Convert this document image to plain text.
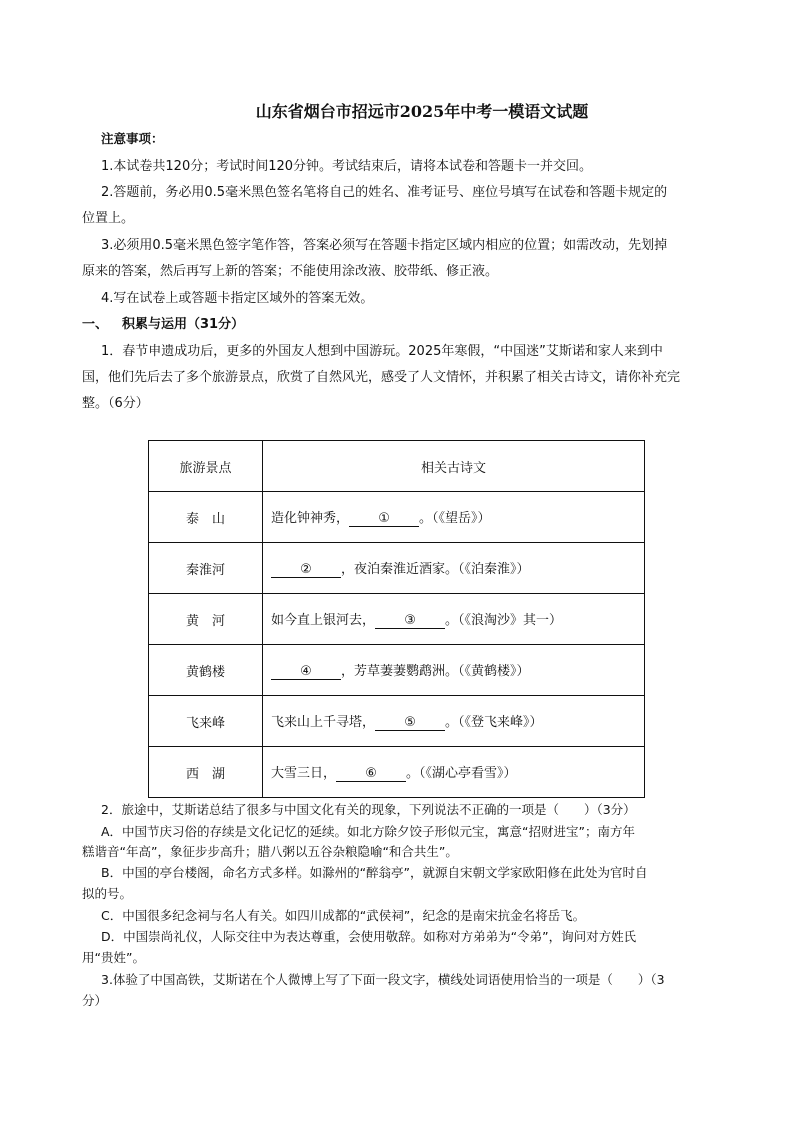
山东省烟台市招远市2025年中考一模语文试题
注意事项：
1.本试卷共120分；考试时间120分钟。考试结束后，请将本试卷和答题卡一并交回。
2.答题前，务必用0.5毫米黑色签名笔将自己的姓名、准考证号、座位号填写在试卷和答题卡规定的
位置上。
3.必须用0.5毫米黑色签字笔作答，答案必须写在答题卡指定区域内相应的位置；如需改动，先划掉
原来的答案，然后再写上新的答案；不能使用涂改液、胶带纸、修正液。
4.写在试卷上或答题卡指定区域外的答案无效。
一、 积累与运用（31分）
1．春节申遗成功后，更多的外国友人想到中国游玩。2025年寒假，“中国迷”艾斯诺和家人来到中
国，他们先后去了多个旅游景点，欣赏了自然风光，感受了人文情怀，并积累了相关古诗文，请你补充完
整。（6分）
旅游景点	相关古诗文
泰　山	造化钟神秀， ① 。（《望岳》）
秦淮河	② ，夜泊秦淮近酒家。（《泊秦淮》）
黄　河	如今直上银河去， ③ 。（《浪淘沙》其一）
黄鹤楼	④ ，芳草萋萋鹦鹉洲。（《黄鹤楼》）
飞来峰	飞来山上千寻塔， ⑤ 。（《登飞来峰》）
西　湖	大雪三日， ⑥ 。（《湖心亭看雪》）
2．旅途中，艾斯诺总结了很多与中国文化有关的现象，下列说法不正确的一项是（　　）（3分）
A．中国节庆习俗的存续是文化记忆的延续。如北方除夕饺子形似元宝，寓意“招财进宝”；南方年
糕谐音“年高”，象征步步高升；腊八粥以五谷杂粮隐喻“和合共生”。
B．中国的亭台楼阁，命名方式多样。如滁州的“醉翁亭”，就源自宋朝文学家欧阳修在此处为官时自
拟的号。
C．中国很多纪念祠与名人有关。如四川成都的“武侯祠”，纪念的是南宋抗金名将岳飞。
D．中国崇尚礼仪，人际交往中为表达尊重，会使用敬辞。如称对方弟弟为“令弟”，询问对方姓氏
用“贵姓”。
3.体验了中国高铁，艾斯诺在个人微博上写了下面一段文字，横线处词语使用恰当的一项是（　　）（3
分）
